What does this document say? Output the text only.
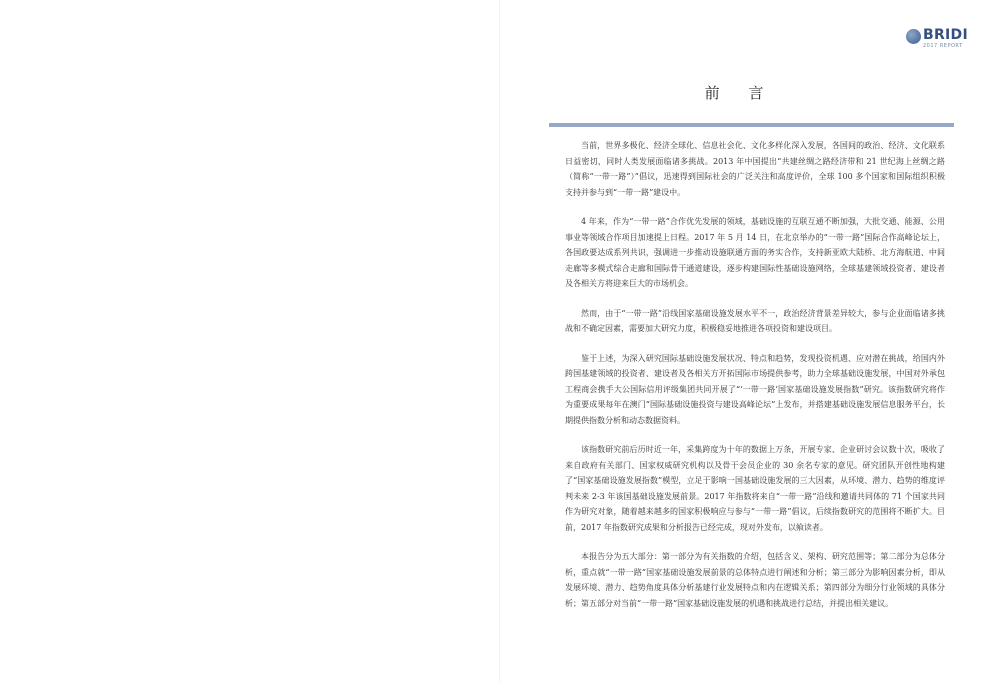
BRIDI
2017 REPORT
前 言

当前，世界多极化、经济全球化、信息社会化、文化多样化深入发展，各国间的政治、经济、文化联系日益密切，同时人类发展面临诸多挑战。2013 年中国提出“共建丝绸之路经济带和 21 世纪海上丝绸之路（简称“一带一路”）”倡议，迅速得到国际社会的广泛关注和高度评价，全球 100 多个国家和国际组织积极支持并参与到“一带一路”建设中。

4 年来，作为“一带一路”合作优先发展的领域，基础设施的互联互通不断加强，大批交通、能源、公用事业等领域合作项目加速提上日程。2017 年 5 月 14 日，在北京举办的“一带一路”国际合作高峰论坛上，各国政要达成系列共识，强调进一步推动设施联通方面的务实合作，支持新亚欧大陆桥、北方海航道、中间走廊等多模式综合走廊和国际骨干通道建设，逐步构建国际性基础设施网络，全球基建领域投资者、建设者及各相关方将迎来巨大的市场机会。

然而，由于“一带一路”沿线国家基础设施发展水平不一，政治经济背景差异较大，参与企业面临诸多挑战和不确定因素，需要加大研究力度，积极稳妥地推进各项投资和建设项目。

鉴于上述，为深入研究国际基础设施发展状况、特点和趋势，发现投资机遇、应对潜在挑战，给国内外跨国基建领域的投资者、建设者及各相关方开拓国际市场提供参考，助力全球基础设施发展，中国对外承包工程商会携手大公国际信用评级集团共同开展了“‘一带一路’国家基础设施发展指数”研究。该指数研究将作为重要成果每年在澳门“国际基础设施投资与建设高峰论坛”上发布，并搭建基础设施发展信息服务平台，长期提供指数分析和动态数据资料。

该指数研究前后历时近一年，采集跨度为十年的数据上万条，开展专家、企业研讨会议数十次，吸收了来自政府有关部门、国家权威研究机构以及骨干会员企业的 30 余名专家的意见。研究团队开创性地构建了“国家基础设施发展指数”模型，立足于影响一国基础设施发展的三大因素，从环境、潜力、趋势的维度评判未来 2-3 年该国基础设施发展前景。2017 年指数将来自“一带一路”沿线和邀请共同体的 71 个国家共同作为研究对象，随着越来越多的国家积极响应与参与“一带一路”倡议，后续指数研究的范围将不断扩大。目前，2017 年指数研究成果和分析报告已经完成，现对外发布，以飨读者。

本报告分为五大部分：第一部分为有关指数的介绍，包括含义、架构、研究范围等；第二部分为总体分析，重点就“一带一路”国家基础设施发展前景的总体特点进行阐述和分析；第三部分为影响因素分析，即从发展环境、潜力、趋势角度具体分析基建行业发展特点和内在逻辑关系；第四部分为细分行业领域的具体分析；第五部分对当前“一带一路”国家基础设施发展的机遇和挑战进行总结，并提出相关建议。
